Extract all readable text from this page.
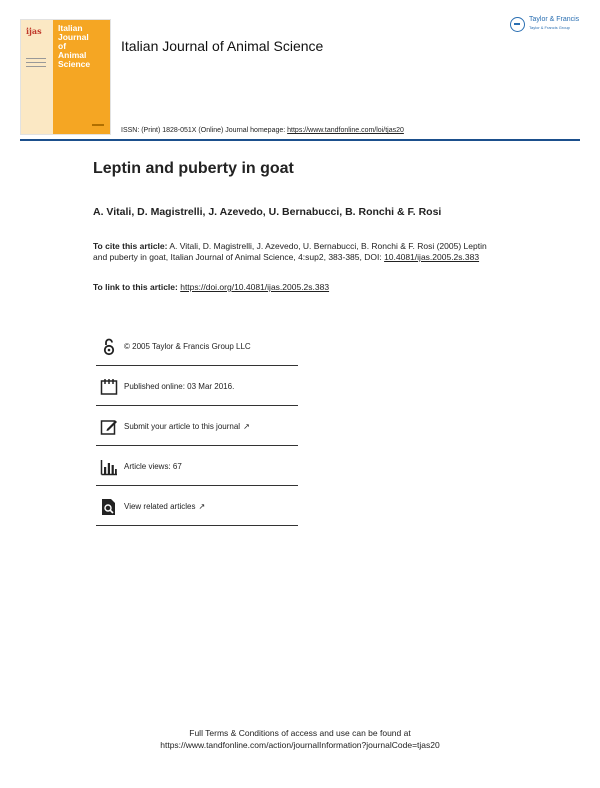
ijas Italian
Journal
of
Animal
Science
Italian Journal of Animal Science
Taylor & Francis
Taylor & Francis Group
ISSN: (Print) 1828-051X (Online) Journal homepage: https://www.tandfonline.com/loi/tjas20
Leptin and puberty in goat
A. Vitali, D. Magistrelli, J. Azevedo, U. Bernabucci, B. Ronchi & F. Rosi
To cite this article: A. Vitali, D. Magistrelli, J. Azevedo, U. Bernabucci, B. Ronchi & F. Rosi (2005) Leptin and puberty in goat, Italian Journal of Animal Science, 4:sup2, 383-385, DOI: 10.4081/ijas.2005.2s.383
To link to this article: https://doi.org/10.4081/ijas.2005.2s.383
© 2005 Taylor & Francis Group LLC
Published online: 03 Mar 2016.
Submit your article to this journal ↗
Article views: 67
View related articles ↗
Full Terms & Conditions of access and use can be found at
https://www.tandfonline.com/action/journalInformation?journalCode=tjas20
